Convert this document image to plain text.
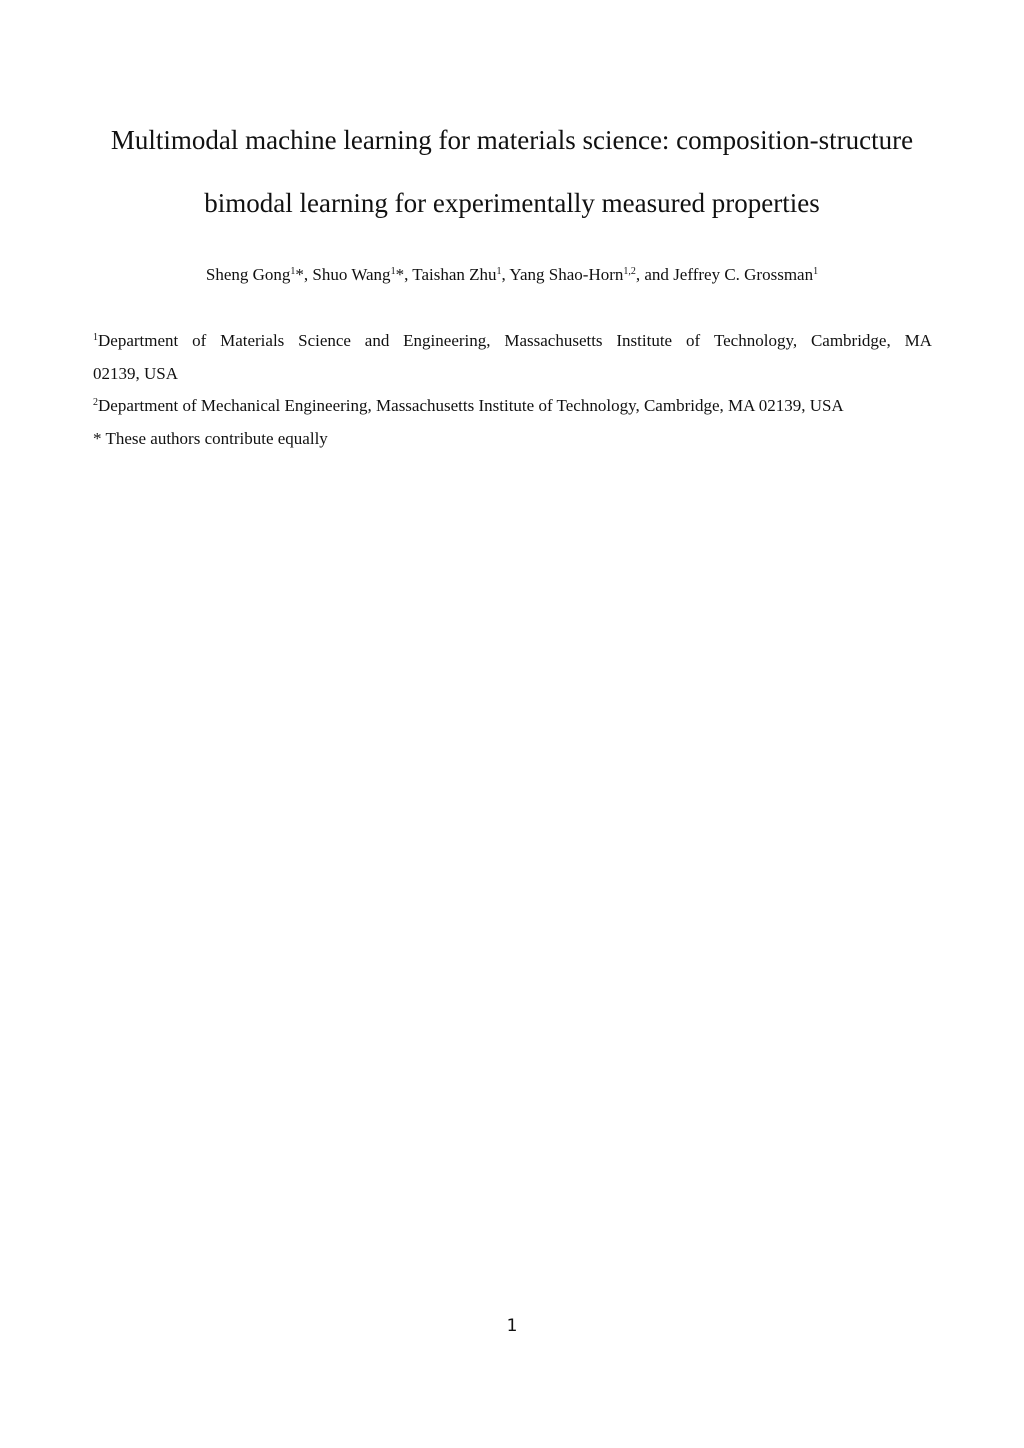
Multimodal machine learning for materials science: composition-structure
bimodal learning for experimentally measured properties
Sheng Gong$^1$*, Shuo Wang$^1$*, Taishan Zhu$^1$, Yang Shao-Horn$^{1,2}$, and Jeffrey C. Grossman$^1$
$^1$Department of Materials Science and Engineering, Massachusetts Institute of Technology, Cambridge, MA
02139, USA
$^2$Department of Mechanical Engineering, Massachusetts Institute of Technology, Cambridge, MA 02139, USA
* These authors contribute equally
1
